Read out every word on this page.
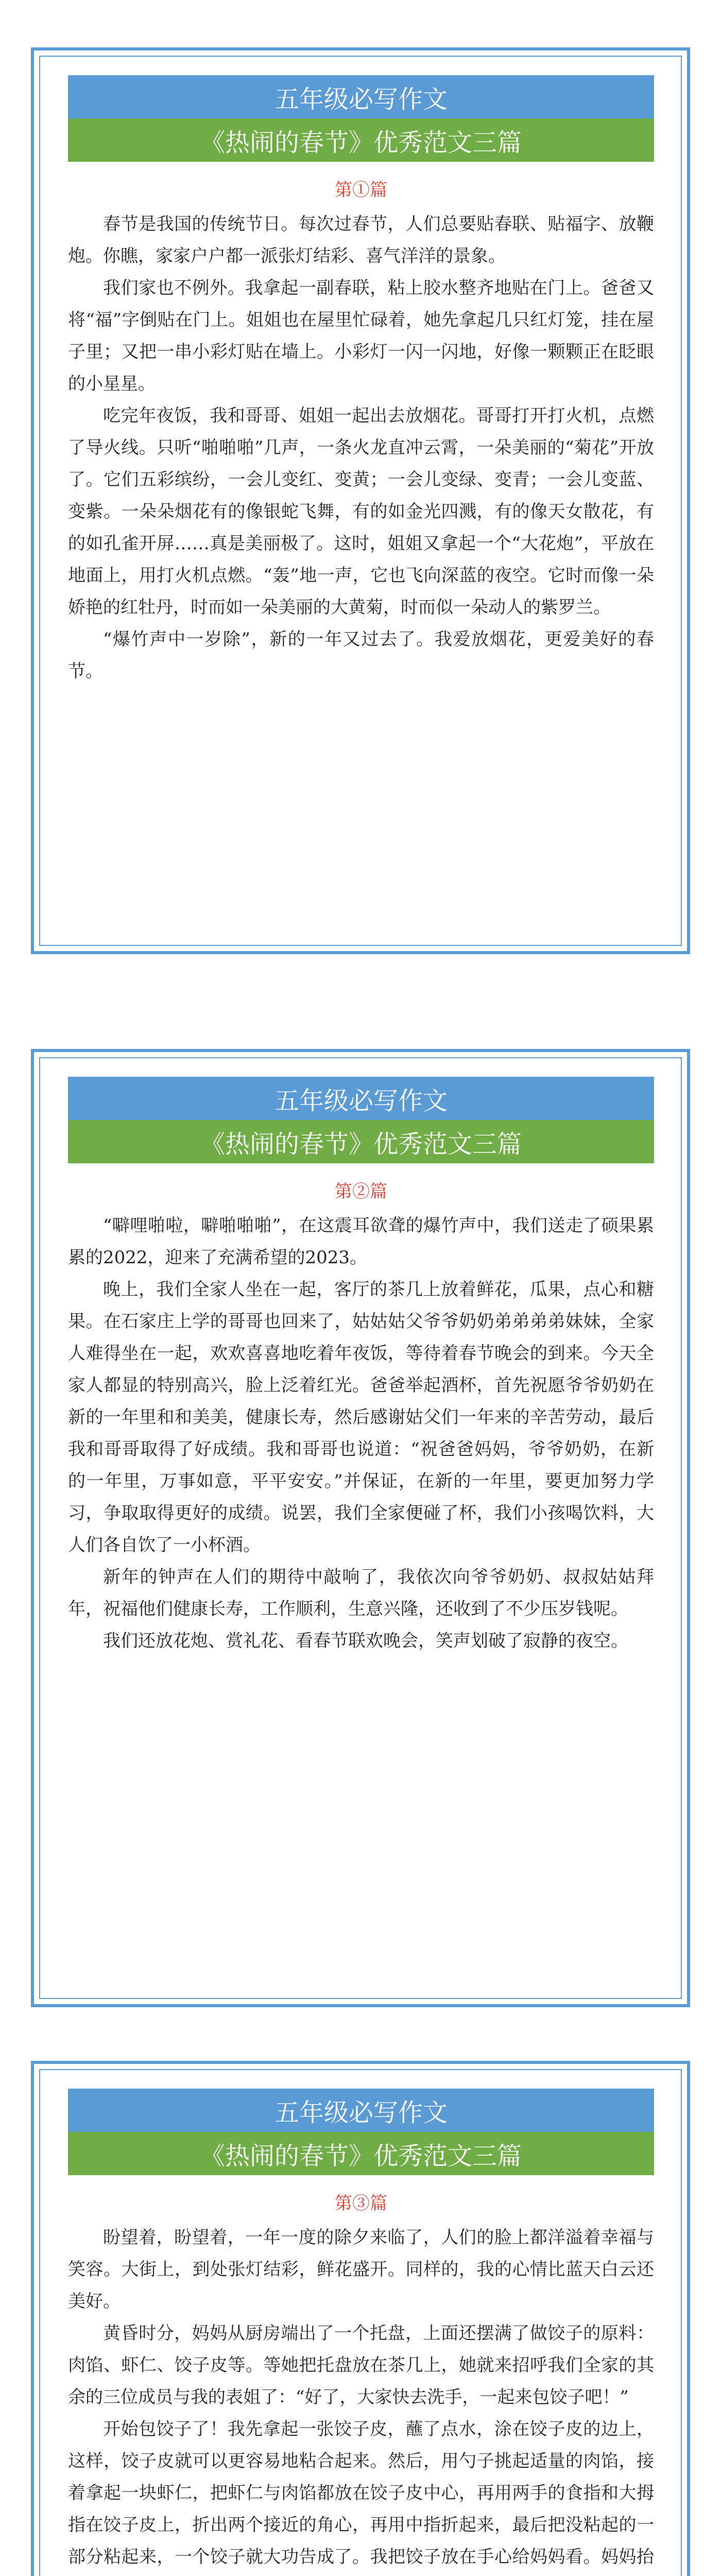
五年级必写作文
《热闹的春节》优秀范文三篇
第①篇

春节是我国的传统节日。每次过春节，人们总要贴春联、贴福字、放鞭炮。你瞧，家家户户都一派张灯结彩、喜气洋洋的景象。

我们家也不例外。我拿起一副春联，粘上胶水整齐地贴在门上。爸爸又将“福”字倒贴在门上。姐姐也在屋里忙碌着，她先拿起几只红灯笼，挂在屋子里；又把一串小彩灯贴在墙上。小彩灯一闪一闪地，好像一颗颗正在眨眼的小星星。

吃完年夜饭，我和哥哥、姐姐一起出去放烟花。哥哥打开打火机，点燃了导火线。只听“啪啪啪”几声，一条火龙直冲云霄，一朵美丽的“菊花”开放了。它们五彩缤纷，一会儿变红、变黄；一会儿变绿、变青；一会儿变蓝、变紫。一朵朵烟花有的像银蛇飞舞，有的如金光四溅，有的像天女散花，有的如孔雀开屏……真是美丽极了。这时，姐姐又拿起一个“大花炮”，平放在地面上，用打火机点燃。“轰”地一声，它也飞向深蓝的夜空。它时而像一朵娇艳的红牡丹，时而如一朵美丽的大黄菊，时而似一朵动人的紫罗兰。

“爆竹声中一岁除”，新的一年又过去了。我爱放烟花，更爱美好的春节。

五年级必写作文
《热闹的春节》优秀范文三篇
第②篇

“噼哩啪啦，噼啪啪啪”，在这震耳欲聋的爆竹声中，我们送走了硕果累累的2022，迎来了充满希望的2023。

晚上，我们全家人坐在一起，客厅的茶几上放着鲜花，瓜果，点心和糖果。在石家庄上学的哥哥也回来了，姑姑姑父爷爷奶奶弟弟弟弟妹妹，全家人难得坐在一起，欢欢喜喜地吃着年夜饭，等待着春节晚会的到来。今天全家人都显的特别高兴，脸上泛着红光。爸爸举起酒杯，首先祝愿爷爷奶奶在新的一年里和和美美，健康长寿，然后感谢姑父们一年来的辛苦劳动，最后我和哥哥取得了好成绩。我和哥哥也说道：“祝爸爸妈妈，爷爷奶奶，在新的一年里，万事如意，平平安安。”并保证，在新的一年里，要更加努力学习，争取取得更好的成绩。说罢，我们全家便碰了杯，我们小孩喝饮料，大人们各自饮了一小杯酒。

新年的钟声在人们的期待中敲响了，我依次向爷爷奶奶、叔叔姑姑拜年，祝福他们健康长寿，工作顺利，生意兴隆，还收到了不少压岁钱呢。

我们还放花炮、赏礼花、看春节联欢晚会，笑声划破了寂静的夜空。

五年级必写作文
《热闹的春节》优秀范文三篇
第③篇

盼望着，盼望着，一年一度的除夕来临了，人们的脸上都洋溢着幸福与笑容。大街上，到处张灯结彩，鲜花盛开。同样的，我的心情比蓝天白云还美好。

黄昏时分，妈妈从厨房端出了一个托盘，上面还摆满了做饺子的原料：肉馅、虾仁、饺子皮等。等她把托盘放在茶几上，她就来招呼我们全家的其余的三位成员与我的表姐了：“好了，大家快去洗手，一起来包饺子吧！”

开始包饺子了！我先拿起一张饺子皮，蘸了点水，涂在饺子皮的边上，这样，饺子皮就可以更容易地粘合起来。然后，用勺子挑起适量的肉馅，接着拿起一块虾仁，把虾仁与肉馅都放在饺子皮中心，再用两手的食指和大拇指在饺子皮上，折出两个接近的角心，再用中指折起来，最后把没粘起的一部分粘起来，一个饺子就大功告成了。我把饺子放在手心给妈妈看。妈妈抬
